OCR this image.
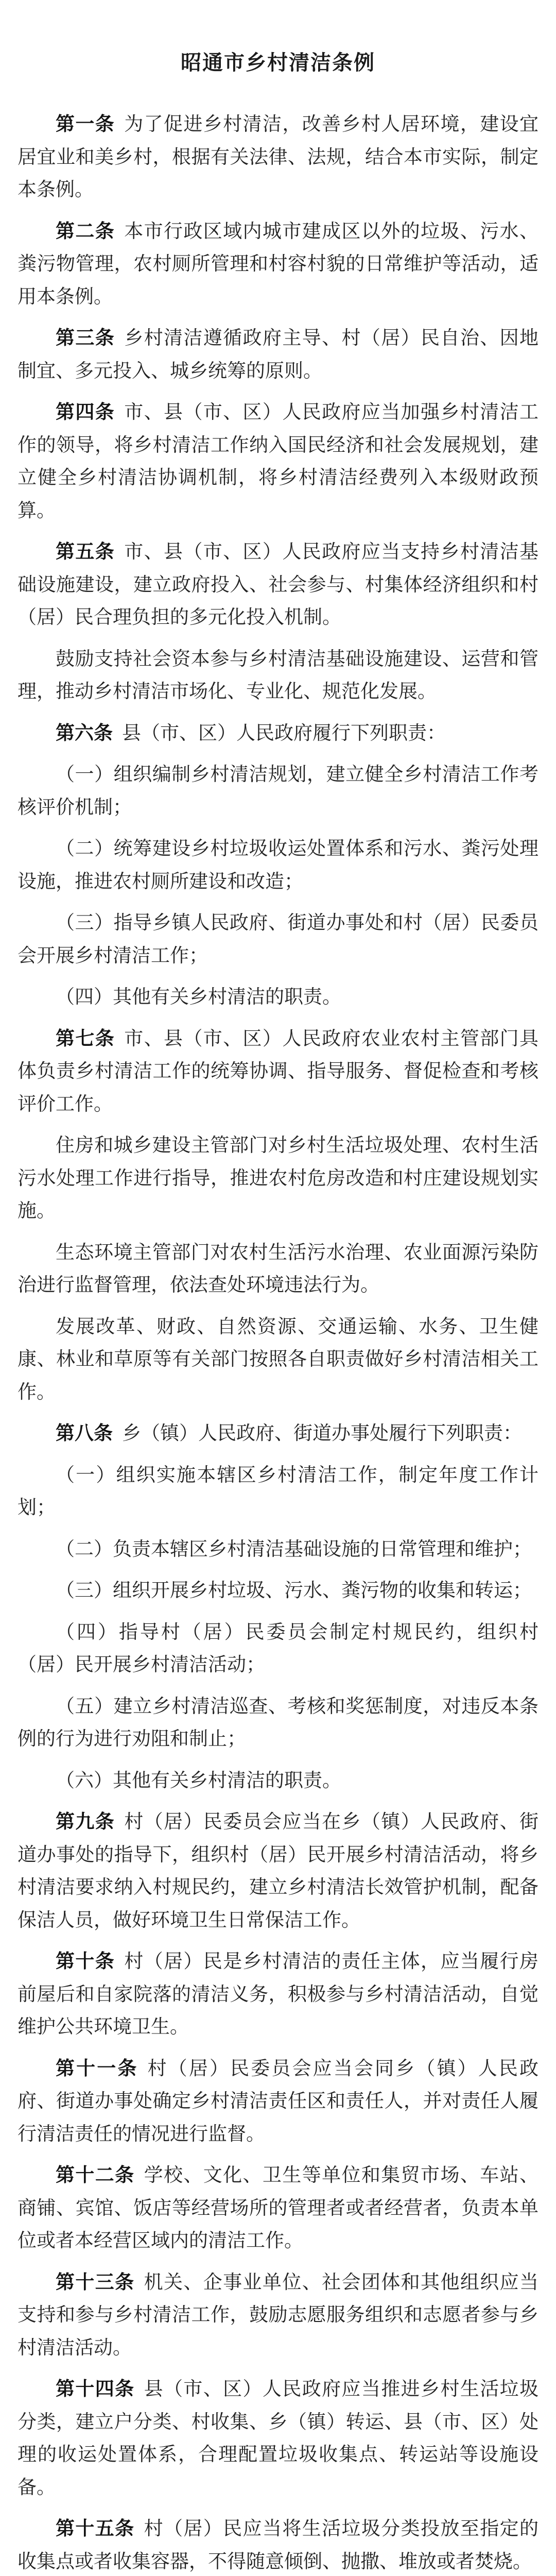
昭通市乡村清洁条例

第一条 为了促进乡村清洁，改善乡村人居环境，建设宜居宜业和美乡村，根据有关法律、法规，结合本市实际，制定本条例。

第二条 本市行政区域内城市建成区以外的垃圾、污水、粪污物管理，农村厕所管理和村容村貌的日常维护等活动，适用本条例。

第三条 乡村清洁遵循政府主导、村（居）民自治、因地制宜、多元投入、城乡统筹的原则。

第四条 市、县（市、区）人民政府应当加强乡村清洁工作的领导，将乡村清洁工作纳入国民经济和社会发展规划，建立健全乡村清洁协调机制，将乡村清洁经费列入本级财政预算。

第五条 市、县（市、区）人民政府应当支持乡村清洁基础设施建设，建立政府投入、社会参与、村集体经济组织和村（居）民合理负担的多元化投入机制。

鼓励支持社会资本参与乡村清洁基础设施建设、运营和管理，推动乡村清洁市场化、专业化、规范化发展。

第六条 县（市、区）人民政府履行下列职责：

（一）组织编制乡村清洁规划，建立健全乡村清洁工作考核评价机制；

（二）统筹建设乡村垃圾收运处置体系和污水、粪污处理设施，推进农村厕所建设和改造；

（三）指导乡镇人民政府、街道办事处和村（居）民委员会开展乡村清洁工作；

（四）其他有关乡村清洁的职责。

第七条 市、县（市、区）人民政府农业农村主管部门具体负责乡村清洁工作的统筹协调、指导服务、督促检查和考核评价工作。

住房和城乡建设主管部门对乡村生活垃圾处理、农村生活污水处理工作进行指导，推进农村危房改造和村庄建设规划实施。

生态环境主管部门对农村生活污水治理、农业面源污染防治进行监督管理，依法查处环境违法行为。

发展改革、财政、自然资源、交通运输、水务、卫生健康、林业和草原等有关部门按照各自职责做好乡村清洁相关工作。

第八条 乡（镇）人民政府、街道办事处履行下列职责：

（一）组织实施本辖区乡村清洁工作，制定年度工作计划；

（二）负责本辖区乡村清洁基础设施的日常管理和维护；

（三）组织开展乡村垃圾、污水、粪污物的收集和转运；

（四）指导村（居）民委员会制定村规民约，组织村（居）民开展乡村清洁活动；

（五）建立乡村清洁巡查、考核和奖惩制度，对违反本条例的行为进行劝阻和制止；

（六）其他有关乡村清洁的职责。

第九条 村（居）民委员会应当在乡（镇）人民政府、街道办事处的指导下，组织村（居）民开展乡村清洁活动，将乡村清洁要求纳入村规民约，建立乡村清洁长效管护机制，配备保洁人员，做好环境卫生日常保洁工作。

第十条 村（居）民是乡村清洁的责任主体，应当履行房前屋后和自家院落的清洁义务，积极参与乡村清洁活动，自觉维护公共环境卫生。

第十一条 村（居）民委员会应当会同乡（镇）人民政府、街道办事处确定乡村清洁责任区和责任人，并对责任人履行清洁责任的情况进行监督。

第十二条 学校、文化、卫生等单位和集贸市场、车站、商铺、宾馆、饭店等经营场所的管理者或者经营者，负责本单位或者本经营区域内的清洁工作。

第十三条 机关、企事业单位、社会团体和其他组织应当支持和参与乡村清洁工作，鼓励志愿服务组织和志愿者参与乡村清洁活动。

第十四条 县（市、区）人民政府应当推进乡村生活垃圾分类，建立户分类、村收集、乡（镇）转运、县（市、区）处理的收运处置体系，合理配置垃圾收集点、转运站等设施设备。

第十五条 村（居）民应当将生活垃圾分类投放至指定的收集点或者收集容器，不得随意倾倒、抛撒、堆放或者焚烧。
